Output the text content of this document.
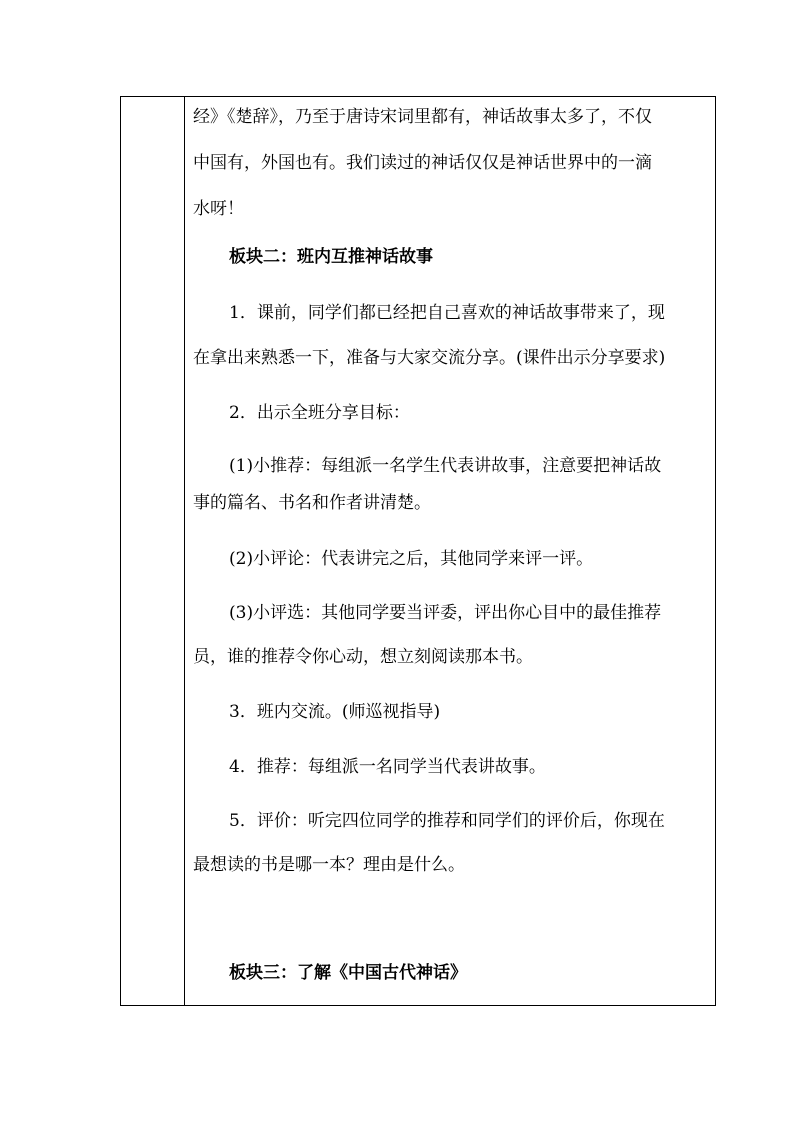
经》《楚辞》，乃至于唐诗宋词里都有，神话故事太多了，不仅
中国有，外国也有。我们读过的神话仅仅是神话世界中的一滴
水呀！
板块二：班内互推神话故事
1．课前，同学们都已经把自己喜欢的神话故事带来了，现
在拿出来熟悉一下，准备与大家交流分享。(课件出示分享要求)
2．出示全班分享目标：
(1)小推荐：每组派一名学生代表讲故事，注意要把神话故
事的篇名、书名和作者讲清楚。
(2)小评论：代表讲完之后，其他同学来评一评。
(3)小评选：其他同学要当评委，评出你心目中的最佳推荐
员，谁的推荐令你心动，想立刻阅读那本书。
3．班内交流。(师巡视指导)
4．推荐：每组派一名同学当代表讲故事。
5．评价：听完四位同学的推荐和同学们的评价后，你现在
最想读的书是哪一本？理由是什么。
板块三：了解《中国古代神话》
